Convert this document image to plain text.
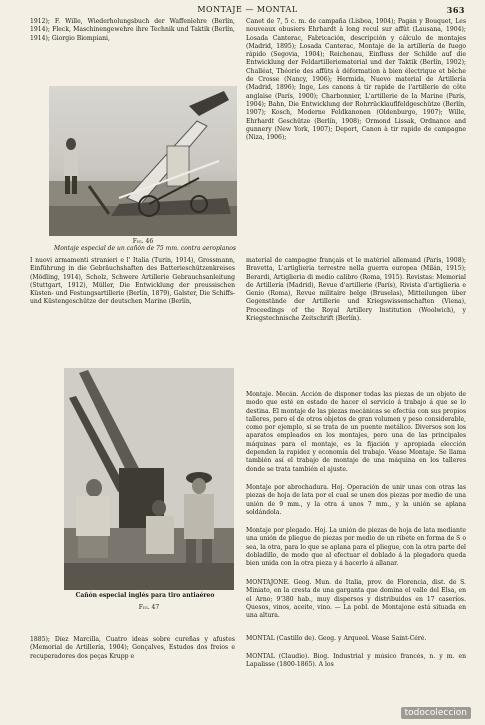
MONTAJE — MONTAL	363
1912); F. Wille, Wiederholungsbuch der Waffenlehre (Berlín, 1914); Fleck, Maschinengewehre ihre Technik und Taktik (Berlín, 1914); Giorgio Biompiani,
Fig. 46
Montaje especial de un cañón de 75 mm. contra aeroplanos
Canet de 7, 5 c. m. de campaña (Lisboa, 1904); Pagán y Bouquet, Les nouveaux obusiers Ehrhardt à long recul sur affût (Lausana, 1904); Losada Canterac, Fabricación, descripción y cálculo de montajes (Madrid, 1895); Losada Canterac, Montaje de la artillería de fuego rápido (Segovia, 1904); Reichenau, Einfluss der Schilde auf die Entwicklung der Feldartilleriematerial und der Taktik (Berlín, 1902); Challéat, Théorie des affûts à déformation à bien électrique et bêche de Crosse (Nancy, 1906); Hermida, Nuevo material de Artillería (Madrid, 1896); Inge, Les canons à tir rapide de l'artillerie de côte anglaise (París, 1900); Charbonnier, L'artillerie de la Marine (París, 1904); Bahn, Die Entwicklung der Rohrrücklauflfeldgeschütze (Berlín, 1907); Kosch, Moderne Feldkanonen (Oldenburgo, 1907); Wille, Ehrhardt Geschütze (Berlín, 1908); Ormond Lissak, Ordnance and gunnery (New York, 1907); Deport, Canon à tir rapide de campagne (Niza, 1906);
I nuovi armamenti stranieri e l' Italia (Turín, 1914), Grossmann, Einführung in die Gebräuchshaften des Batterieschützenkreises (Mödling, 1914), Scholz, Schwere Artillerie Gebrauchsanleitung (Stuttgart, 1912), Müller, Die Entwicklung der preussischen Küsten- und Festungsartillerie (Berlín, 1879), Galster, Die Schiffs- und Küstengeschütze der deutschen Marine (Berlín,
material de campagne français et le matériel allemand (París, 1908); Bravetta, L'artiglieria terrestre nella guerra europea (Milán, 1915); Berardi, Artiglieria di medio calibro (Roma, 1915). Revistas: Memorial de Artillería (Madrid), Revue d'artillerie (París), Rivista d'artiglieria e Genio (Roma), Revue militaire belge (Bruselas), Mitteilungen über Gegenstände der Artillerie und Kriegswissenschaften (Viena), Proceedings of the Royal Artillery Institution (Woolwich), y Kriegstechnische Zeitschrift (Berlín).
Cañón especial inglés para tiro antiaéreo
Fig. 47
Montaje. Mecán. Acción de disponer todas las piezas de un objeto de modo que esté en estado de hacer el servicio á trabajo á que se lo destina. El montaje de las piezas mecánicas se efectúa con sus propios talleres, pero el de otros objetos de gran volumen y peso considerable, como por ejemplo, si se trata de un puente metálico. Diversos son los aparatos empleados en los montajes, pero una de las principales máquinas para el montaje, es la fijación y apropiada elección dependen la rapidez y economía del trabajo. Véase Montaje. Se llama también así el trabajo de montaje de una máquina en los talleres donde se trata también el ajuste.
Montaje por abrochadura. Hoj. Operación de unir unas con otras las piezas de hoja de lata por el cual se unen dos piezas por medio de una unión de 9 mm., y la otra á unos 7 mm., y la unión se aplana soldándola.
Montaje por plegado. Hoj. La unión de piezas de hoja de lata mediante una unión de pliegue de piezas por medio de un ribete en forma de S o sea, la otra, para lo que se aplana para el pliegue, con la otra parte del dobladillo, de modo que al efectuar el doblado á la plegadora queda bien unida con la otra pieza y á hacerlo á allanar.
MONTAJONE. Geog. Mun. de Italia, prov. de Florencia, dist. de S. Miniato, en la cresta de una garganta que domina el valle del Elsa, en el Arno; 9'380 hab., muy dispersos y distribuidos en 17 caseríos. Quesos, vinos, aceite, vino. — La pobl. de Montajone está situada en una altura.
MONTAL (Castillo de). Geog. y Arqueol. Véase Saint-Céré.
MONTAL (Claudio). Biog. Industrial y músico francés, n. y m. en Lapalisse (1800-1865). A los
1885); Díez Marcilla, Cuatro ideas sobre cureñas y afustes (Memorial de Artillería, 1904); Gonçalves, Estudos dos freios e recuperadores dos peças Krupp e
todocoleccion
